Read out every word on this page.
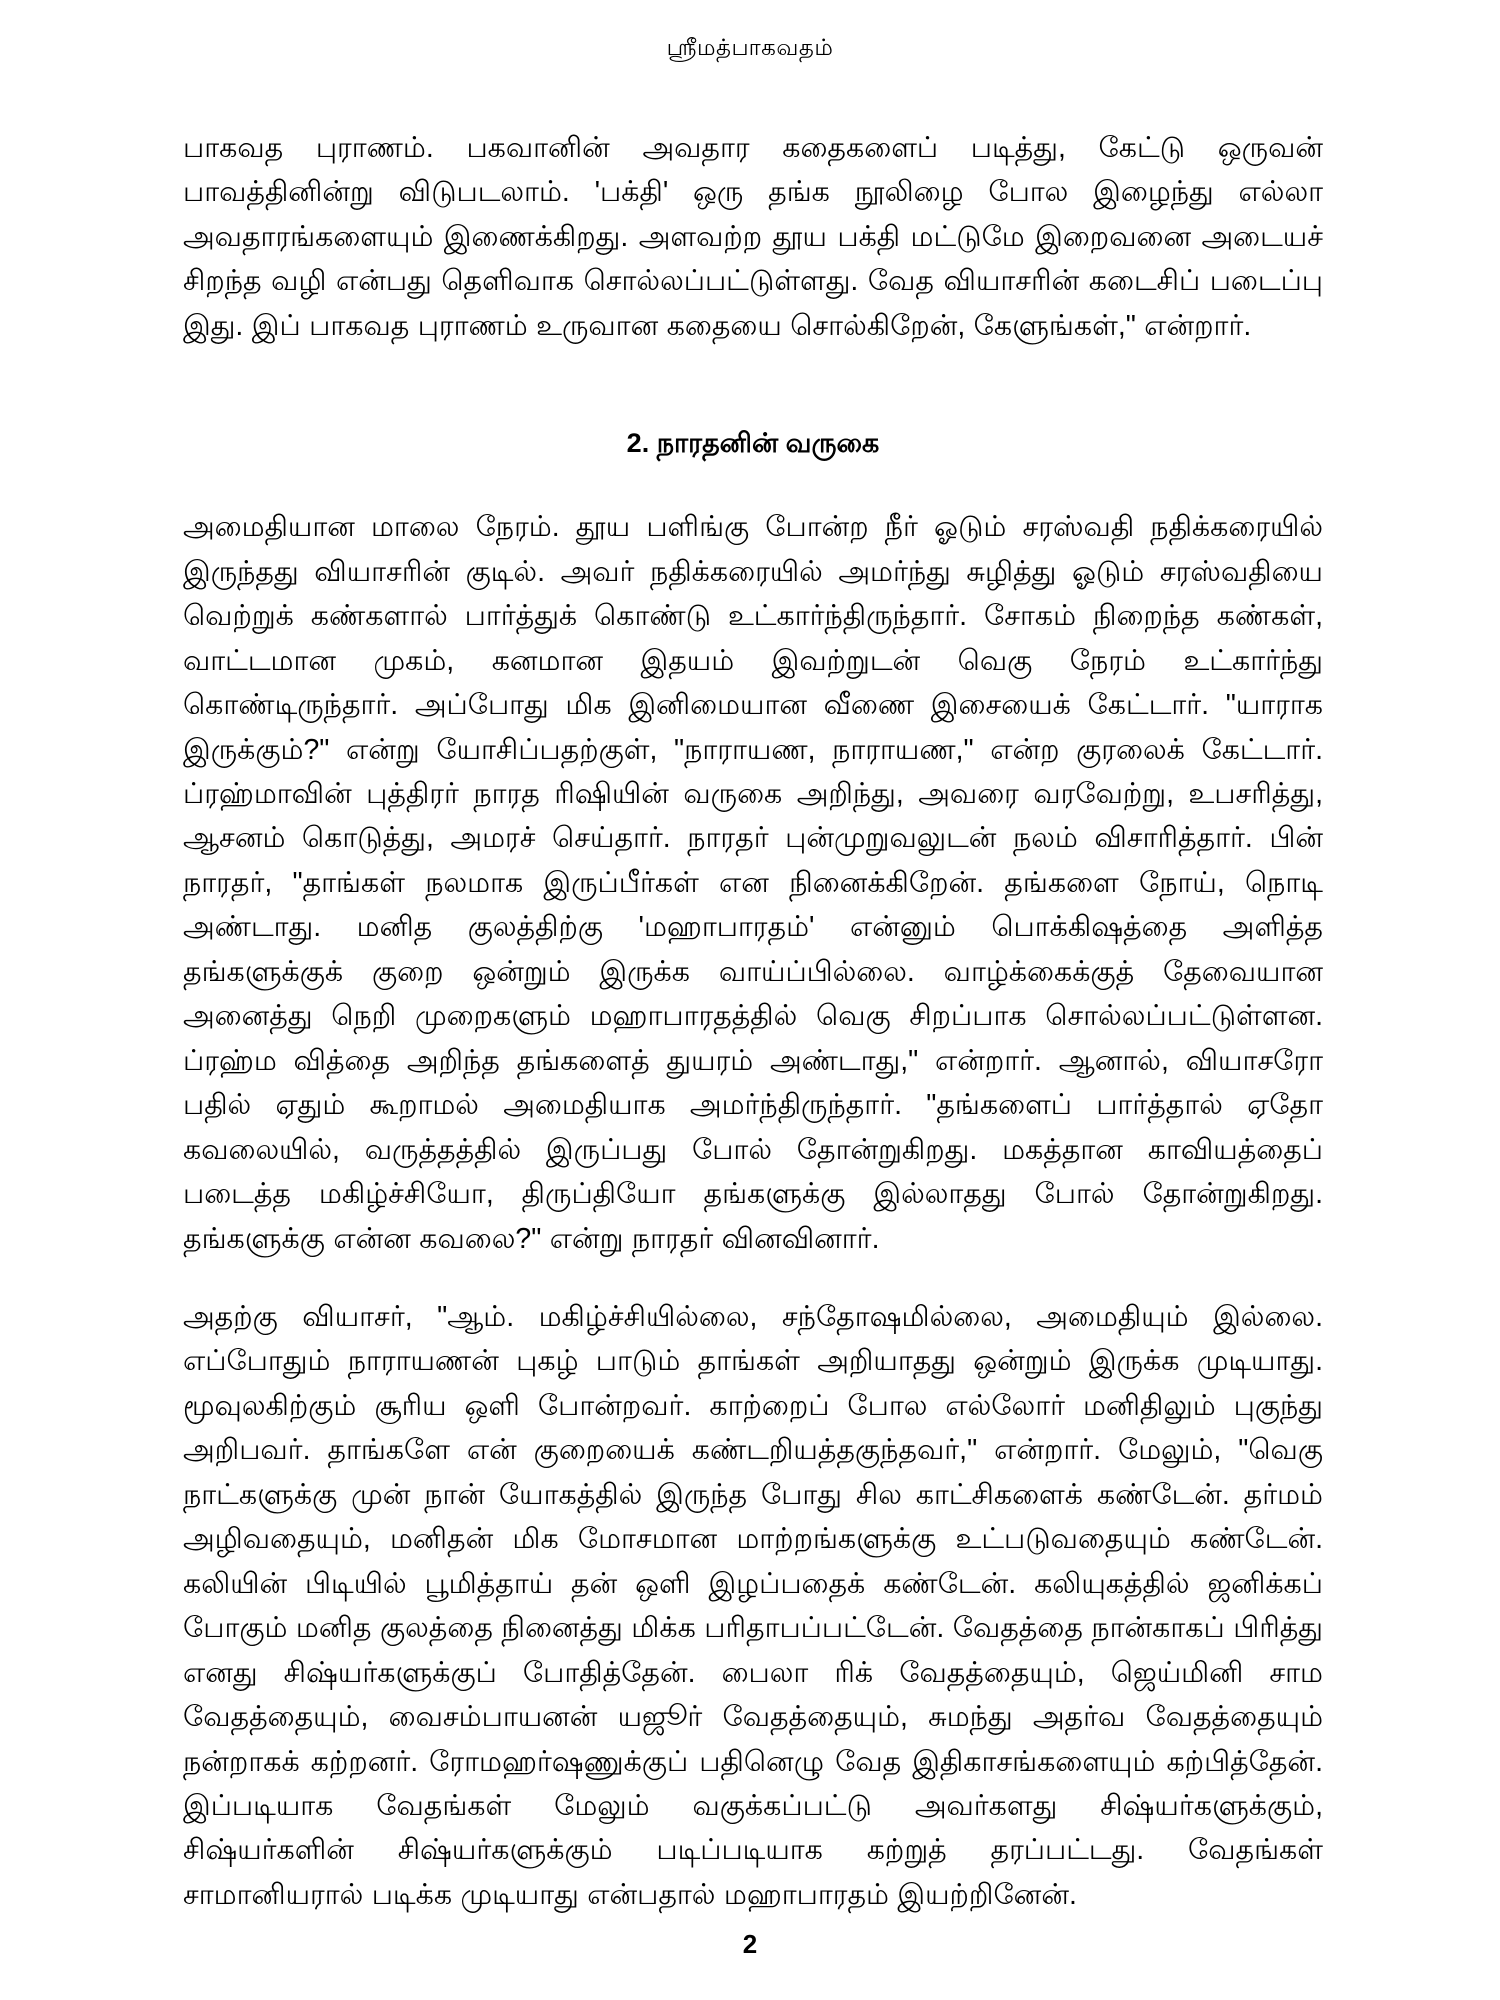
ஸ்ரீமத்பாகவதம்

பாகவத புராணம். பகவானின் அவதார கதைகளைப் படித்து, கேட்டு ஒருவன் பாவத்தினின்று விடுபடலாம். 'பக்தி' ஒரு தங்க நூலிழை போல இழைந்து எல்லா அவதாரங்களையும் இணைக்கிறது. அளவற்ற தூய பக்தி மட்டுமே இறைவனை அடையச் சிறந்த வழி என்பது தெளிவாக சொல்லப்பட்டுள்ளது. வேத வியாசரின் கடைசிப் படைப்பு இது. இப் பாகவத புராணம் உருவான கதையை சொல்கிறேன், கேளுங்கள்," என்றார்.

2. நாரதனின் வருகை

அமைதியான மாலை நேரம். தூய பளிங்கு போன்ற நீர் ஓடும் சரஸ்வதி நதிக்கரையில் இருந்தது வியாசரின் குடில். அவர் நதிக்கரையில் அமர்ந்து சுழித்து ஓடும் சரஸ்வதியை வெற்றுக் கண்களால் பார்த்துக் கொண்டு உட்கார்ந்திருந்தார். சோகம் நிறைந்த கண்கள், வாட்டமான முகம், கனமான இதயம் இவற்றுடன் வெகு நேரம் உட்கார்ந்து கொண்டிருந்தார். அப்போது மிக இனிமையான வீணை இசையைக் கேட்டார். "யாராக இருக்கும்?" என்று யோசிப்பதற்குள், "நாராயண, நாராயண," என்ற குரலைக் கேட்டார். ப்ரஹ்மாவின் புத்திரர் நாரத ரிஷியின் வருகை அறிந்து, அவரை வரவேற்று, உபசரித்து, ஆசனம் கொடுத்து, அமரச் செய்தார். நாரதர் புன்முறுவலுடன் நலம் விசாரித்தார். பின் நாரதர், "தாங்கள் நலமாக இருப்பீர்கள் என நினைக்கிறேன். தங்களை நோய், நொடி அண்டாது. மனித குலத்திற்கு 'மஹாபாரதம்' என்னும் பொக்கிஷத்தை அளித்த தங்களுக்குக் குறை ஒன்றும் இருக்க வாய்ப்பில்லை. வாழ்க்கைக்குத் தேவையான அனைத்து நெறி முறைகளும் மஹாபாரதத்தில் வெகு சிறப்பாக சொல்லப்பட்டுள்ளன. ப்ரஹ்ம வித்தை அறிந்த தங்களைத் துயரம் அண்டாது," என்றார். ஆனால், வியாசரோ பதில் ஏதும் கூறாமல் அமைதியாக அமர்ந்திருந்தார். "தங்களைப் பார்த்தால் ஏதோ கவலையில், வருத்தத்தில் இருப்பது போல் தோன்றுகிறது. மகத்தான காவியத்தைப் படைத்த மகிழ்ச்சியோ, திருப்தியோ தங்களுக்கு இல்லாதது போல் தோன்றுகிறது. தங்களுக்கு என்ன கவலை?" என்று நாரதர் வினவினார்.

அதற்கு வியாசர், "ஆம். மகிழ்ச்சியில்லை, சந்தோஷமில்லை, அமைதியும் இல்லை. எப்போதும் நாராயணன் புகழ் பாடும் தாங்கள் அறியாதது ஒன்றும் இருக்க முடியாது. மூவுலகிற்கும் சூரிய ஒளி போன்றவர். காற்றைப் போல எல்லோர் மனிதிலும் புகுந்து அறிபவர். தாங்களே என் குறையைக் கண்டறியத்தகுந்தவர்," என்றார். மேலும், "வெகு நாட்களுக்கு முன் நான் யோகத்தில் இருந்த போது சில காட்சிகளைக் கண்டேன். தர்மம் அழிவதையும், மனிதன் மிக மோசமான மாற்றங்களுக்கு உட்படுவதையும் கண்டேன். கலியின் பிடியில் பூமித்தாய் தன் ஒளி இழப்பதைக் கண்டேன். கலியுகத்தில் ஜனிக்கப் போகும் மனித குலத்தை நினைத்து மிக்க பரிதாபப்பட்டேன். வேதத்தை நான்காகப் பிரித்து எனது சிஷ்யர்களுக்குப் போதித்தேன். பைலா ரிக் வேதத்தையும், ஜெய்மினி சாம வேதத்தையும், வைசம்பாயனன் யஜூர் வேதத்தையும், சுமந்து அதர்வ வேதத்தையும் நன்றாகக் கற்றனர். ரோமஹர்ஷணுக்குப் பதினெழு வேத இதிகாசங்களையும் கற்பித்தேன். இப்படியாக வேதங்கள் மேலும் வகுக்கப்பட்டு அவர்களது சிஷ்யர்களுக்கும், சிஷ்யர்களின் சிஷ்யர்களுக்கும் படிப்படியாக கற்றுத் தரப்பட்டது. வேதங்கள் சாமானியரால் படிக்க முடியாது என்பதால் மஹாபாரதம் இயற்றினேன்.

2
